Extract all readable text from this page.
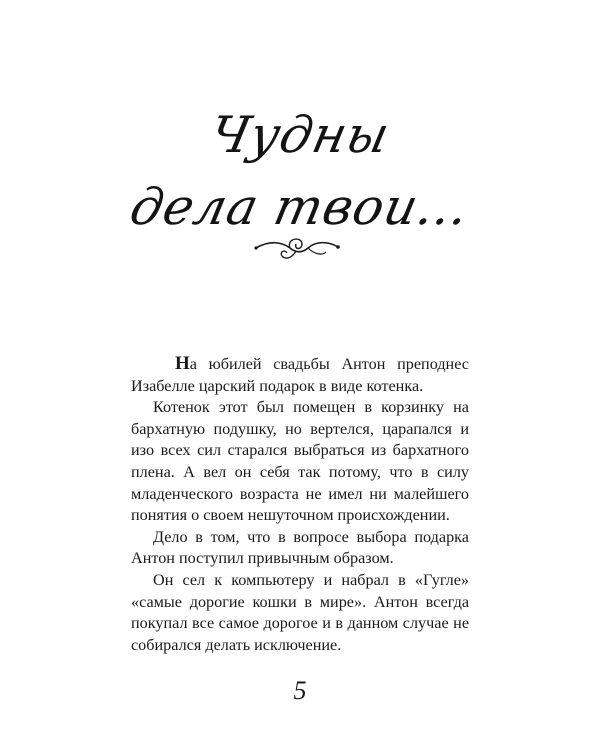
Чудны
дела твои...

На юбилей свадьбы Антон преподнес Изабелле царский подарок в виде котенка.

Котенок этот был помещен в корзинку на бархатную подушку, но вертелся, царапался и изо всех сил старался выбраться из бархатного плена. А вел он себя так потому, что в силу младенческого возраста не имел ни малейшего понятия о своем нешуточном происхождении.

Дело в том, что в вопросе выбора подарка Антон поступил привычным образом.

Он сел к компьютеру и набрал в «Гугле» «самые дорогие кошки в мире». Антон всегда покупал все самое дорогое и в данном случае не собирался делать исключение.

5
